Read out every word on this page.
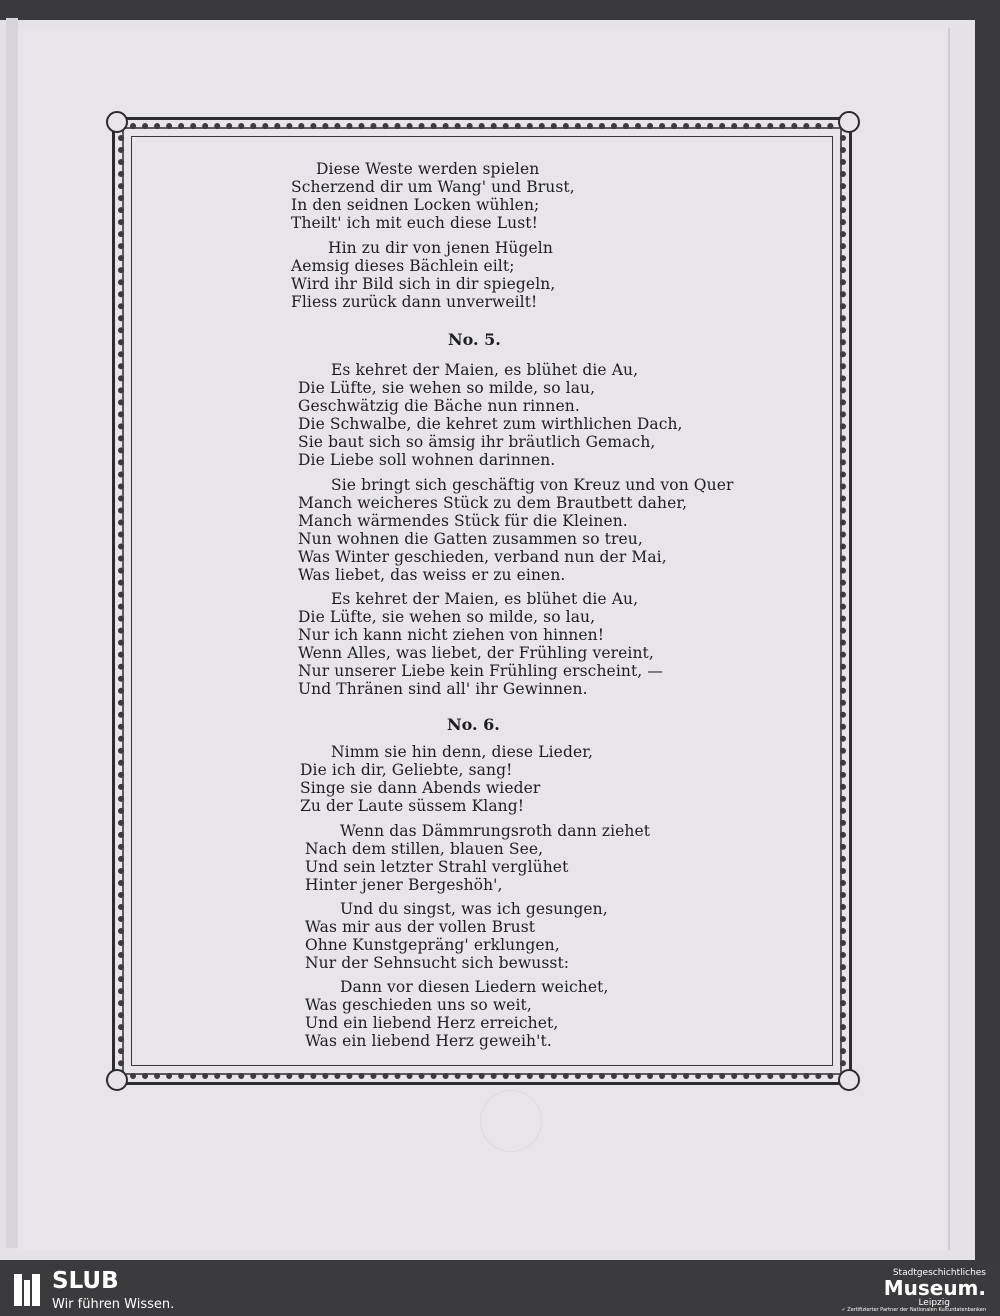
Diese Weste werden spielen
Scherzend dir um Wang' und Brust,
In den seidnen Locken wühlen;
Theilt' ich mit euch diese Lust!
Hin zu dir von jenen Hügeln
Aemsig dieses Bächlein eilt;
Wird ihr Bild sich in dir spiegeln,
Fliess zurück dann unverweilt!
No. 5.
Es kehret der Maien, es blühet die Au,
Die Lüfte, sie wehen so milde, so lau,
Geschwätzig die Bäche nun rinnen.
Die Schwalbe, die kehret zum wirthlichen Dach,
Sie baut sich so ämsig ihr bräutlich Gemach,
Die Liebe soll wohnen darinnen.
Sie bringt sich geschäftig von Kreuz und von Quer
Manch weicheres Stück zu dem Brautbett daher,
Manch wärmendes Stück für die Kleinen.
Nun wohnen die Gatten zusammen so treu,
Was Winter geschieden, verband nun der Mai,
Was liebet, das weiss er zu einen.
Es kehret der Maien, es blühet die Au,
Die Lüfte, sie wehen so milde, so lau,
Nur ich kann nicht ziehen von hinnen!
Wenn Alles, was liebet, der Frühling vereint,
Nur unserer Liebe kein Frühling erscheint, —
Und Thränen sind all' ihr Gewinnen.
No. 6.
Nimm sie hin denn, diese Lieder,
Die ich dir, Geliebte, sang!
Singe sie dann Abends wieder
Zu der Laute süssem Klang!
Wenn das Dämmrungsroth dann ziehet
Nach dem stillen, blauen See,
Und sein letzter Strahl verglühet
Hinter jener Bergeshöh',
Und du singst, was ich gesungen,
Was mir aus der vollen Brust
Ohne Kunstgepräng' erklungen,
Nur der Sehnsucht sich bewusst:
Dann vor diesen Liedern weichet,
Was geschieden uns so weit,
Und ein liebend Herz erreichet,
Was ein liebend Herz geweih't.
SLUB
Wir führen Wissen.
Stadtgeschichtliches
Museum.
Leipzig
✓ Zertifizierter Partner der Nationalen Kulturdatenbanken
